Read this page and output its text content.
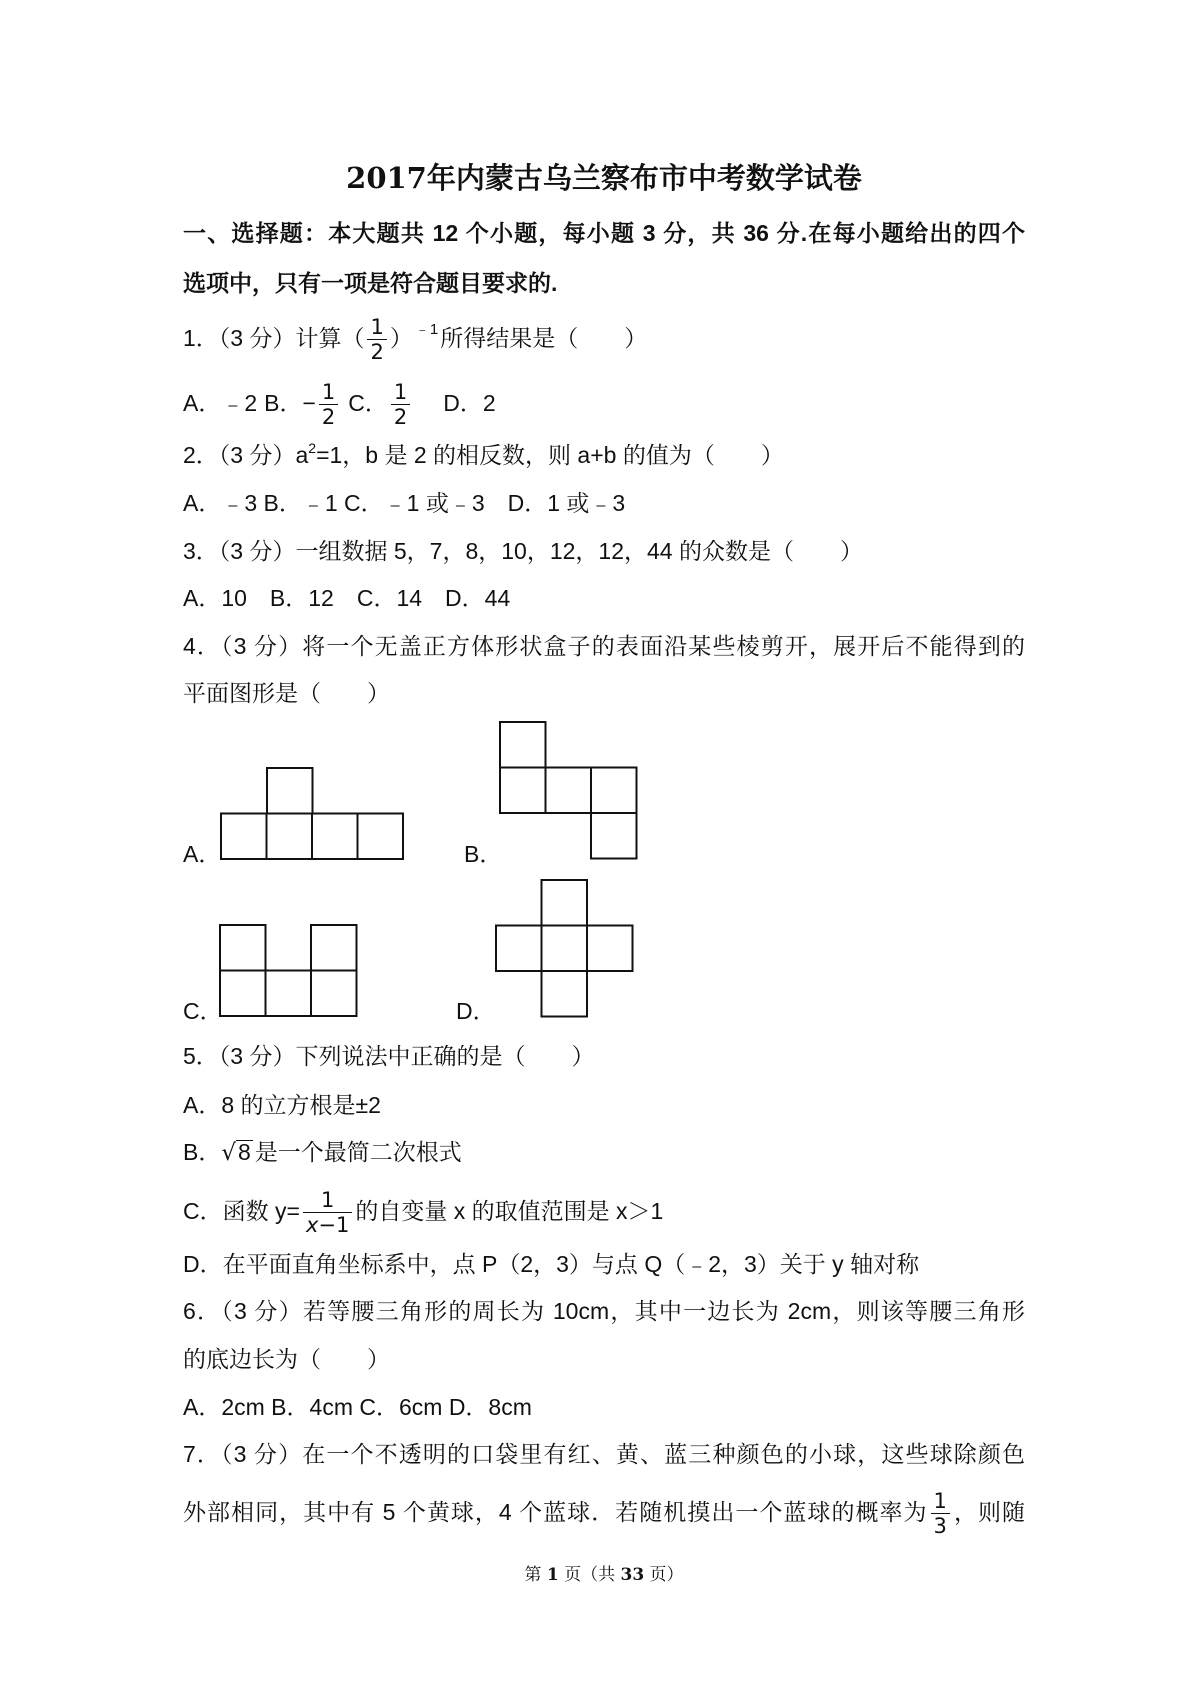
2017年内蒙古乌兰察布市中考数学试卷
一、选择题：本大题共 12 个小题，每小题 3 分，共 36 分.在每小题给出的四个
选项中，只有一项是符合题目要求的.
1．（3 分）计算（ $\frac{1}{2}$ ） $^{﹣1}$所得结果是（　　）
A．﹣2 B．− $\frac{1}{2}$ C． $\frac{1}{2}$ D．2
2．（3 分）$a^2=1$，b 是 2 的相反数，则 a+b 的值为（　　）
A．﹣3 B．﹣1 C．﹣1 或﹣3　D．1 或﹣3
3．（3 分）一组数据 5，7，8，10，12，12，44 的众数是（　　）
A．10　B．12　C．14　D．44
4．（3 分）将一个无盖正方体形状盒子的表面沿某些棱剪开，展开后不能得到的
平面图形是（　　）
A．	B．
C．	D．
5．（3 分）下列说法中正确的是（　　）
A．8 的立方根是±2
B．√8 是一个最简二次根式
C．函数 $y= \frac{1}{x-1}$ 的自变量 x 的取值范围是 x＞1
D．在平面直角坐标系中，点 P（2，3）与点 Q（﹣2，3）关于 y 轴对称
6．（3 分）若等腰三角形的周长为 10cm，其中一边长为 2cm，则该等腰三角形
的底边长为（　　）
A．2cm B．4cm C．6cm D．8cm
7．（3 分）在一个不透明的口袋里有红、黄、蓝三种颜色的小球，这些球除颜色
外部相同，其中有 5 个黄球，4 个蓝球．若随机摸出一个蓝球的概率为 $\frac{1}{3}$ ，则随
第 1 页（共 33 页）
